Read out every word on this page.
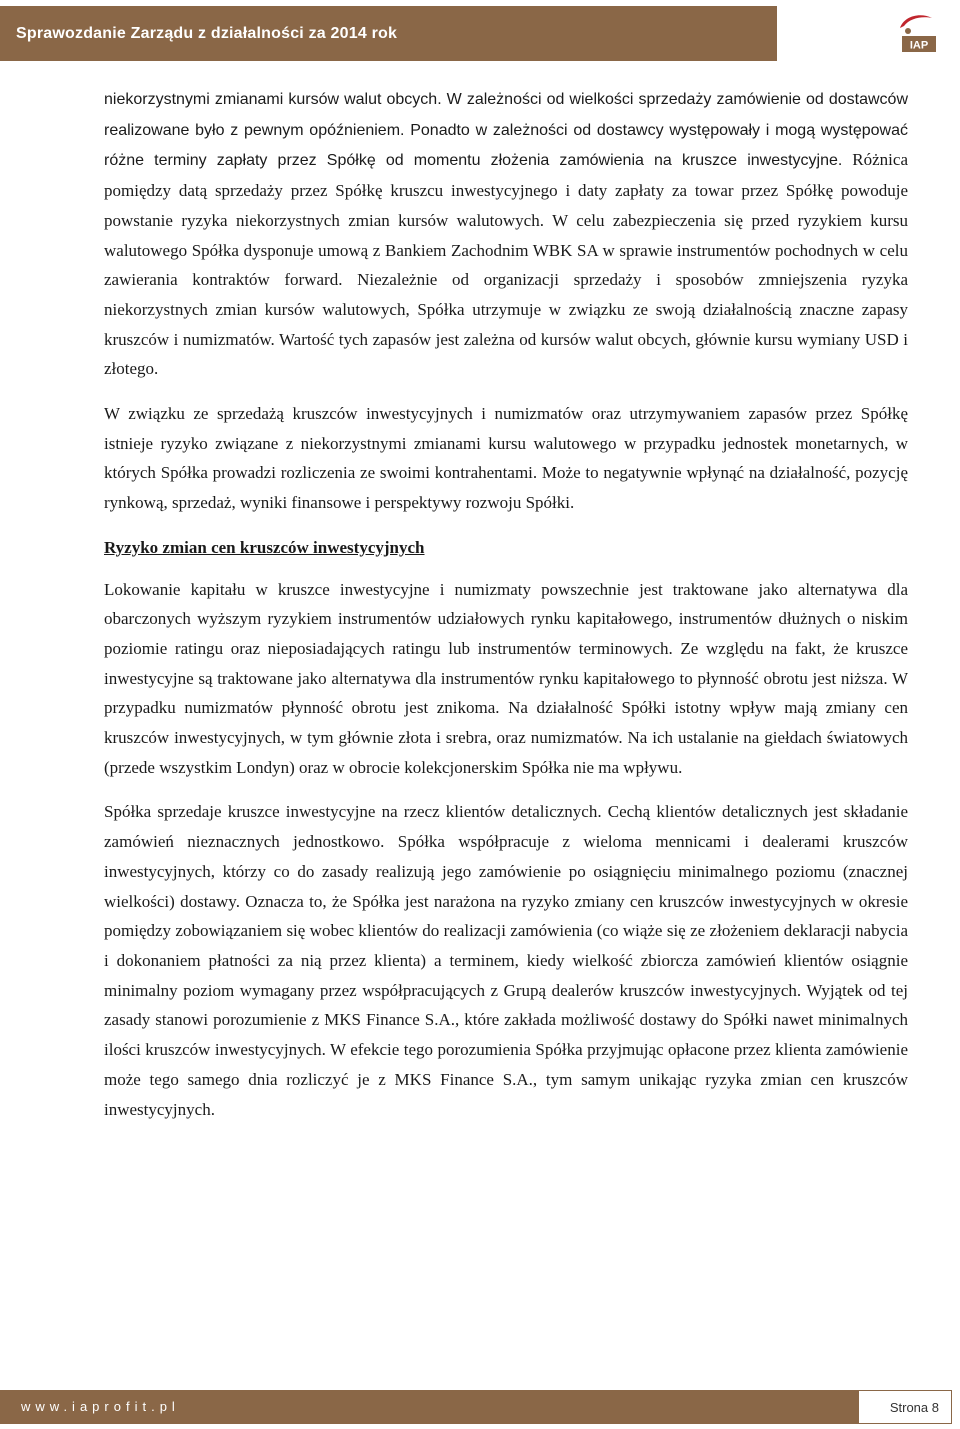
Sprawozdanie Zarządu z działalności za 2014 rok
IAP

niekorzystnymi zmianami kursów walut obcych. W zależności od wielkości sprzedaży zamówienie od dostawców realizowane było z pewnym opóźnieniem. Ponadto w zależności od dostawcy występowały i mogą występować różne terminy zapłaty przez Spółkę od momentu złożenia zamówienia na kruszce inwestycyjne. Różnica pomiędzy datą sprzedaży przez Spółkę kruszcu inwestycyjnego i daty zapłaty za towar przez Spółkę powoduje powstanie ryzyka niekorzystnych zmian kursów walutowych. W celu zabezpieczenia się przed ryzykiem kursu walutowego Spółka dysponuje umową z Bankiem Zachodnim WBK SA w sprawie instrumentów pochodnych w celu zawierania kontraktów forward. Niezależnie od organizacji sprzedaży i sposobów zmniejszenia ryzyka niekorzystnych zmian kursów walutowych, Spółka utrzymuje w związku ze swoją działalnością znaczne zapasy kruszców i numizmatów. Wartość tych zapasów jest zależna od kursów walut obcych, głównie kursu wymiany USD i złotego.

W związku ze sprzedażą kruszców inwestycyjnych i numizmatów oraz utrzymywaniem zapasów przez Spółkę istnieje ryzyko związane z niekorzystnymi zmianami kursu walutowego w przypadku jednostek monetarnych, w których Spółka prowadzi rozliczenia ze swoimi kontrahentami. Może to negatywnie wpłynąć na działalność, pozycję rynkową, sprzedaż, wyniki finansowe i perspektywy rozwoju Spółki.

Ryzyko zmian cen kruszców inwestycyjnych

Lokowanie kapitału w kruszce inwestycyjne i numizmaty powszechnie jest traktowane jako alternatywa dla obarczonych wyższym ryzykiem instrumentów udziałowych rynku kapitałowego, instrumentów dłużnych o niskim poziomie ratingu oraz nieposiadających ratingu lub instrumentów terminowych. Ze względu na fakt, że kruszce inwestycyjne są traktowane jako alternatywa dla instrumentów rynku kapitałowego to płynność obrotu jest niższa. W przypadku numizmatów płynność obrotu jest znikoma. Na działalność Spółki istotny wpływ mają zmiany cen kruszców inwestycyjnych, w tym głównie złota i srebra, oraz numizmatów. Na ich ustalanie na giełdach światowych (przede wszystkim Londyn) oraz w obrocie kolekcjonerskim Spółka nie ma wpływu.

Spółka sprzedaje kruszce inwestycyjne na rzecz klientów detalicznych. Cechą klientów detalicznych jest składanie zamówień nieznacznych jednostkowo. Spółka współpracuje z wieloma mennicami i dealerami kruszców inwestycyjnych, którzy co do zasady realizują jego zamówienie po osiągnięciu minimalnego poziomu (znacznej wielkości) dostawy. Oznacza to, że Spółka jest narażona na ryzyko zmiany cen kruszców inwestycyjnych w okresie pomiędzy zobowiązaniem się wobec klientów do realizacji zamówienia (co wiąże się ze złożeniem deklaracji nabycia i dokonaniem płatności za nią przez klienta) a terminem, kiedy wielkość zbiorcza zamówień klientów osiągnie minimalny poziom wymagany przez współpracujących z Grupą dealerów kruszców inwestycyjnych. Wyjątek od tej zasady stanowi porozumienie z MKS Finance S.A., które zakłada możliwość dostawy do Spółki nawet minimalnych ilości kruszców inwestycyjnych. W efekcie tego porozumienia Spółka przyjmując opłacone przez klienta zamówienie może tego samego dnia rozliczyć je z MKS Finance S.A., tym samym unikając ryzyka zmian cen kruszców inwestycyjnych.

www.iaprofit.pl	Strona 8
